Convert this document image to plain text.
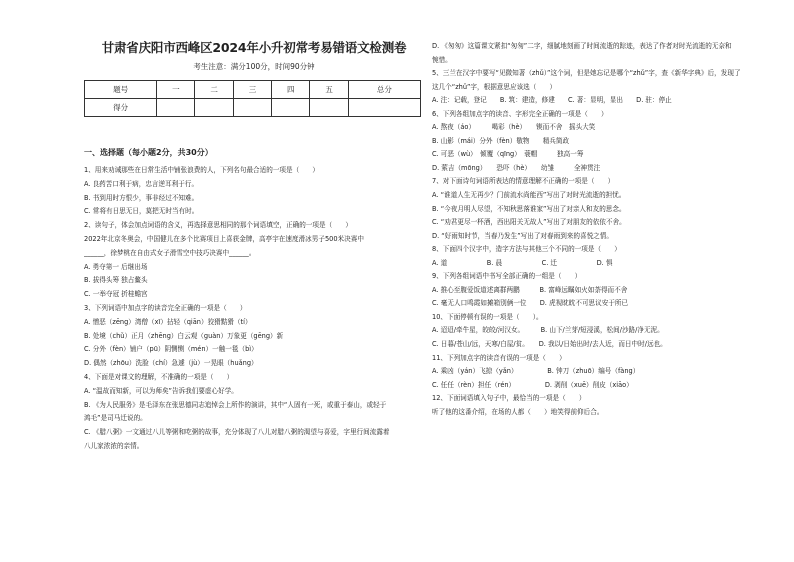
甘肃省庆阳市西峰区2024年小升初常考易错语文检测卷
考生注意：满分100分，时间90分钟
题号	一	二	三	四	五	总分
得分						
一、选择题（每小题2分，共30分）
1、用来劝诫那些在日常生活中铺张浪费的人，下列名句最合适的一项是（　　）
A. 良药苦口利于病，忠言逆耳利于行。
B. 书到用时方恨少，事非经过不知难。
C. 常将有日思无日，莫把无时当有时。
2、读句子，体会加点词语的含义，再选择意思相同的那个词语填空，正确的一项是（　　）
2022年北京冬奥会，中国健儿在多个比赛项目上喜获金牌，高亭宇在速度滑冰男子500米决赛中
______，徐梦桃在自由式女子滑雪空中技巧决赛中______。
A. 勇夺第一 后继出场
B. 拔得头筹 独占鳌头
C. 一举夺冠 折桂蟾宫
3、下列词语中加点字的读音完全正确的一项是（　　）
A. 憎恶（zēng）湾僧（xī）拈轻（qiān）狡猾黠猾（tí）
B. 处境（chǔ）正月（zhēng）白云观（guàn）万象更（gēng）新
C. 分外（fèn）铺户（pū）阴恻恻（mén）一触一毯（bì）
D. 偶然（zhōu）洗脸（chí）急遽（jù）一晃眼（huǎng）
4、下面是对课文的理解，不准确的一项是（　　）
A. “温故而知新，可以为师矣”告诉我们要虚心好学。
B. 《为人民服务》是毛泽东在张思德同志追悼会上所作的演讲，其中“人固有一死，或重于泰山，或轻于
鸿毛”是司马迁说的。
C. 《腊八粥》一文通过八儿等粥和吃粥的故事，充分体现了八儿对腊八粥的渴望与喜爱，字里行间流露着
八儿家浓浓的亲情。
D. 《匆匆》这篇课文紧扣“匆匆”二字，细腻地刻画了时间流逝的踪迹，表达了作者对时光流逝的无奈和
惋惜。
5、三兰在汉字中要写“见微知著（zhǔ）”这个词，但是她忘记是哪个“zhǔ”字，查《新华字典》后，发现了
这几个“zhǔ”字，根据意思应该选（　　）
A. 注：记载，登记　　B. 筑：建造，修建　　C. 著：显明，显出　　D. 驻：停止
6、下列各组加点字的读音、字形完全正确的一项是（　　）
A. 熬夜（áo）　　　喝彩（hè）　　锲而不舍　摇头大笑
B. 山影（mái）分外（fèn）敬物　　精兵简政
C. 可恶（wù）　倾覆（qīng）　蓑帽　　　独高一筹
D. 萦吉（mōng）　　恐吓（hè）　　幼雏　　　全神贯注
7、对下面诗句词语所表达的情意理解不正确的一项是（　　）
A. “谁道人生无再少？门前流水尚能西”写出了对时光流逝的担忧。
B. “今夜月明人尽望，不知秋思落谁家”写出了对亲人和友的思念。
C. “劝君更尽一杯酒，西出阳关无故人”写出了对朋友的依依不舍。
D. “好雨知时节，当春乃发生”写出了对春雨到来的喜悦之情。
8、下面四个汉字中，造字方法与其他三个不同的一项是（　　）
A. 道　　　　　　B. 晨　　　　　　C. 迁　　　　　　D. 惧
9、下列各组词语中书写全部正确的一组是（　　）
A. 推心至腹爱饭道述离群两鹏　　　B. 富峰远瞩如火如荼得而不舍
C. 毫无人口鸣霞如摊箱别俩一位　　D. 虎视眈眈不可思议安于所已
10、下面停顿有误的一项是（　　）。
A. 迢迢/牵牛星，皎皎/河汉女。　　　B. 山下/兰芽/短浸溪，松间/沙路/净无泥。
C. 日暮/苍山/远，天寒/白屋/贫。　　D. 我以/日始出时/去人近，而日中时/远也。
11、下列加点字的读音有误的一项是（　　）
A. 乘凶（yán）飞掠（yǎn）　　　　　B. 钟刀（zhuō）编号（fàng）
C. 任任（rèn）担任（rén）　　　　　D. 剥削（xuē）削皮（xiāo）
12、下面词语填入句子中，最恰当的一项是（　　）
听了他的这番介绍，在场的人都（　　）地笑得前仰后合。
